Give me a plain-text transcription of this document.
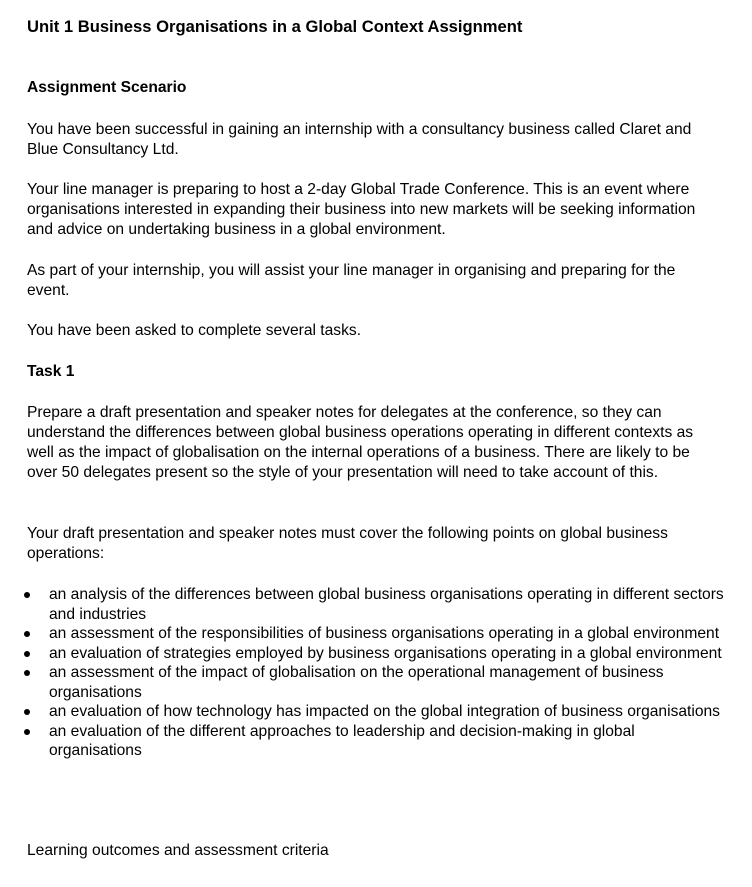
Unit 1 Business Organisations in a Global Context Assignment
Assignment Scenario

You have been successful in gaining an internship with a consultancy business called Claret and Blue Consultancy Ltd.

Your line manager is preparing to host a 2-day Global Trade Conference. This is an event where organisations interested in expanding their business into new markets will be seeking information and advice on undertaking business in a global environment.

As part of your internship, you will assist your line manager in organising and preparing for the event.

You have been asked to complete several tasks.

Task 1

Prepare a draft presentation and speaker notes for delegates at the conference, so they can understand the differences between global business operations operating in different contexts as well as the impact of globalisation on the internal operations of a business. There are likely to be over 50 delegates present so the style of your presentation will need to take account of this.

Your draft presentation and speaker notes must cover the following points on global business operations:

an analysis of the differences between global business organisations operating in different sectors and industries
an assessment of the responsibilities of business organisations operating in a global environment
an evaluation of strategies employed by business organisations operating in a global environment
an assessment of the impact of globalisation on the operational management of business organisations
an evaluation of how technology has impacted on the global integration of business organisations
an evaluation of the different approaches to leadership and decision-making in global organisations

Learning outcomes and assessment criteria
